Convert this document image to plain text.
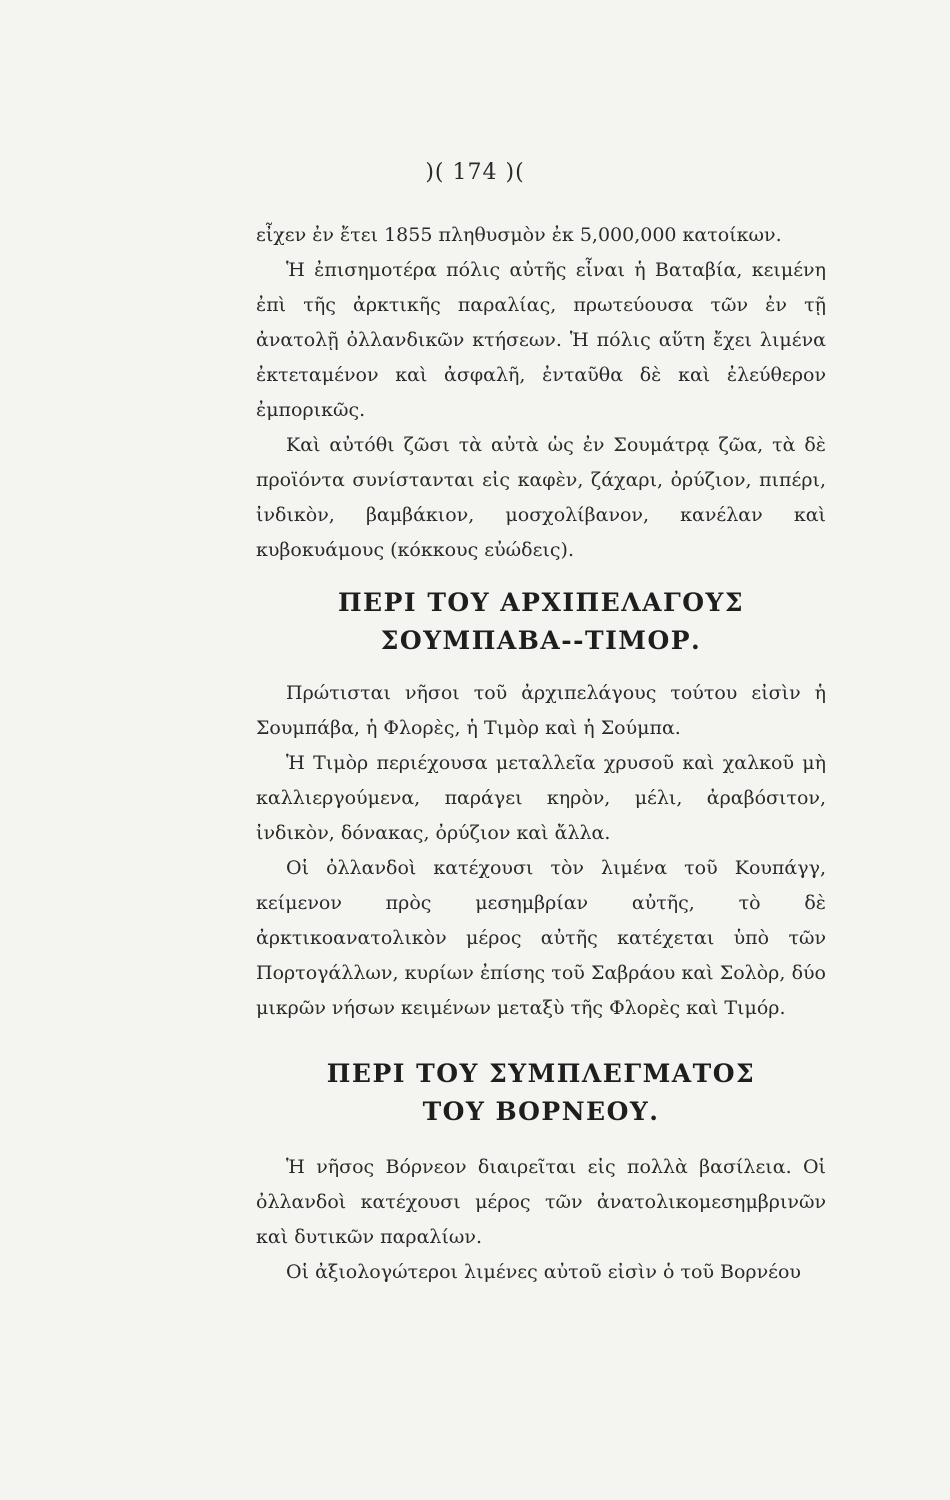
)( 174 )(

εἶχεν ἐν ἔτει 1855 πληθυσμὸν ἐκ 5,000,000 κατοίκων.

Ἡ ἐπισημοτέρα πόλις αὐτῆς εἶναι ἡ Βαταβία, κειμένη ἐπὶ τῆς ἀρκτικῆς παραλίας, πρωτεύουσα τῶν ἐν τῇ ἀνατολῇ ὀλλανδικῶν κτήσεων. Ἡ πόλις αὕτη ἔχει λιμένα ἐκτεταμένον καὶ ἀσφαλῆ, ἐνταῦθα δὲ καὶ ἐλεύθερον ἐμπορικῶς.

Καὶ αὐτόθι ζῶσι τὰ αὐτὰ ὡς ἐν Σουμάτρᾳ ζῶα, τὰ δὲ προϊόντα συνίστανται εἰς καφὲν, ζάχαρι, ὀρύζιον, πιπέρι, ἰνδικὸν, βαμβάκιον, μοσχολίβανον, κανέλαν καὶ κυβοκυάμους (κόκκους εὐώδεις).

ΠΕΡΙ ΤΟΥ ΑΡΧΙΠΕΛΑΓΟΥΣ
ΣΟΥΜΠΑΒΑ--ΤΙΜΟΡ.

Πρώτισται νῆσοι τοῦ ἀρχιπελάγους τούτου εἰσὶν ἡ Σουμπάβα, ἡ Φλορὲς, ἡ Τιμὸρ καὶ ἡ Σούμπα.

Ἡ Τιμὸρ περιέχουσα μεταλλεῖα χρυσοῦ καὶ χαλκοῦ μὴ καλλιεργούμενα, παράγει κηρὸν, μέλι, ἀραβόσιτον, ἰνδικὸν, δόνακας, ὀρύζιον καὶ ἄλλα.

Οἱ ὀλλανδοὶ κατέχουσι τὸν λιμένα τοῦ Κουπάγγ, κείμενον πρὸς μεσημβρίαν αὐτῆς, τὸ δὲ ἀρκτικοανατολικὸν μέρος αὐτῆς κατέχεται ὑπὸ τῶν Πορτογάλλων, κυρίων ἐπίσης τοῦ Σαβράου καὶ Σολὸρ, δύο μικρῶν νήσων κειμένων μεταξὺ τῆς Φλορὲς καὶ Τιμόρ.

ΠΕΡΙ ΤΟΥ ΣΥΜΠΛΕΓΜΑΤΟΣ
ΤΟΥ ΒΟΡΝΕΟΥ.

Ἡ νῆσος Βόρνεον διαιρεῖται εἰς πολλὰ βασίλεια. Οἱ ὀλλανδοὶ κατέχουσι μέρος τῶν ἀνατολικομεσημβρινῶν καὶ δυτικῶν παραλίων.

Οἱ ἀξιολογώτεροι λιμένες αὐτοῦ εἰσὶν ὁ τοῦ Βορνέου
